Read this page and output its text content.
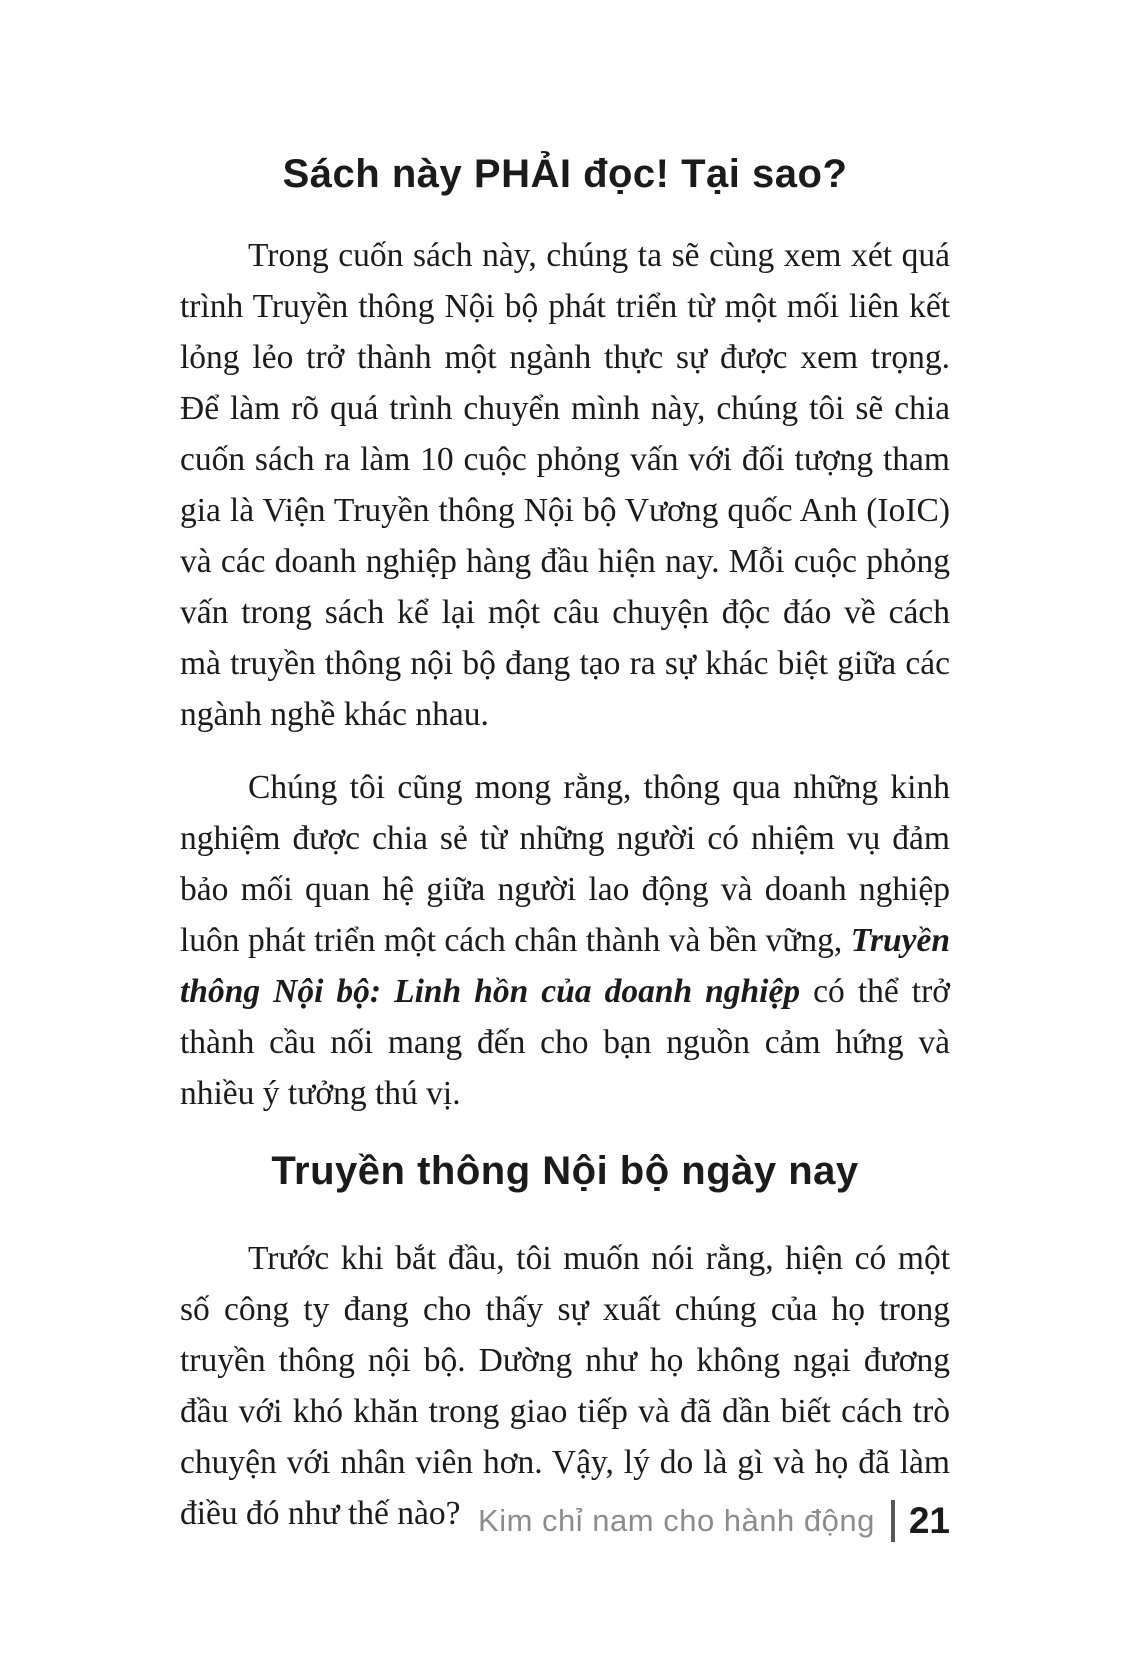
Sách này PHẢI đọc! Tại sao?

Trong cuốn sách này, chúng ta sẽ cùng xem xét quá trình Truyền thông Nội bộ phát triển từ một mối liên kết lỏng lẻo trở thành một ngành thực sự được xem trọng. Để làm rõ quá trình chuyển mình này, chúng tôi sẽ chia cuốn sách ra làm 10 cuộc phỏng vấn với đối tượng tham gia là Viện Truyền thông Nội bộ Vương quốc Anh (IoIC) và các doanh nghiệp hàng đầu hiện nay. Mỗi cuộc phỏng vấn trong sách kể lại một câu chuyện độc đáo về cách mà truyền thông nội bộ đang tạo ra sự khác biệt giữa các ngành nghề khác nhau.

Chúng tôi cũng mong rằng, thông qua những kinh nghiệm được chia sẻ từ những người có nhiệm vụ đảm bảo mối quan hệ giữa người lao động và doanh nghiệp luôn phát triển một cách chân thành và bền vững, Truyền thông Nội bộ: Linh hồn của doanh nghiệp có thể trở thành cầu nối mang đến cho bạn nguồn cảm hứng và nhiều ý tưởng thú vị.

Truyền thông Nội bộ ngày nay

Trước khi bắt đầu, tôi muốn nói rằng, hiện có một số công ty đang cho thấy sự xuất chúng của họ trong truyền thông nội bộ. Dường như họ không ngại đương đầu với khó khăn trong giao tiếp và đã dần biết cách trò chuyện với nhân viên hơn. Vậy, lý do là gì và họ đã làm điều đó như thế nào? Kim chỉ nam cho hành động 21
